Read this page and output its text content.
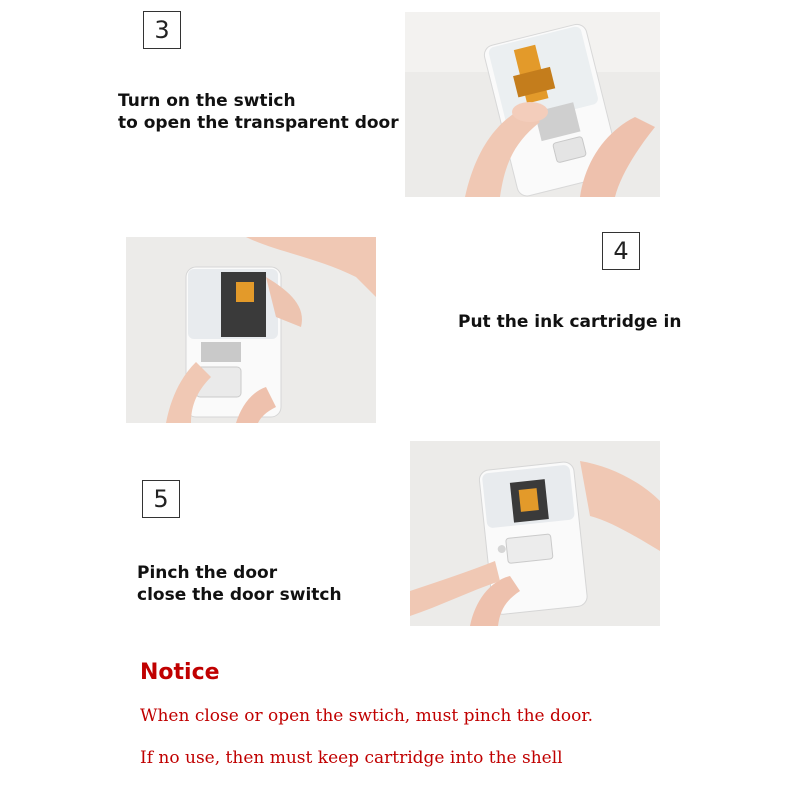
3
Turn on the swtich
to open the transparent door
4
Put the ink cartridge in
5
Pinch the door
close the door switch
Notice
When close or open the swtich, must pinch the door.
If no use, then must keep cartridge into the shell
